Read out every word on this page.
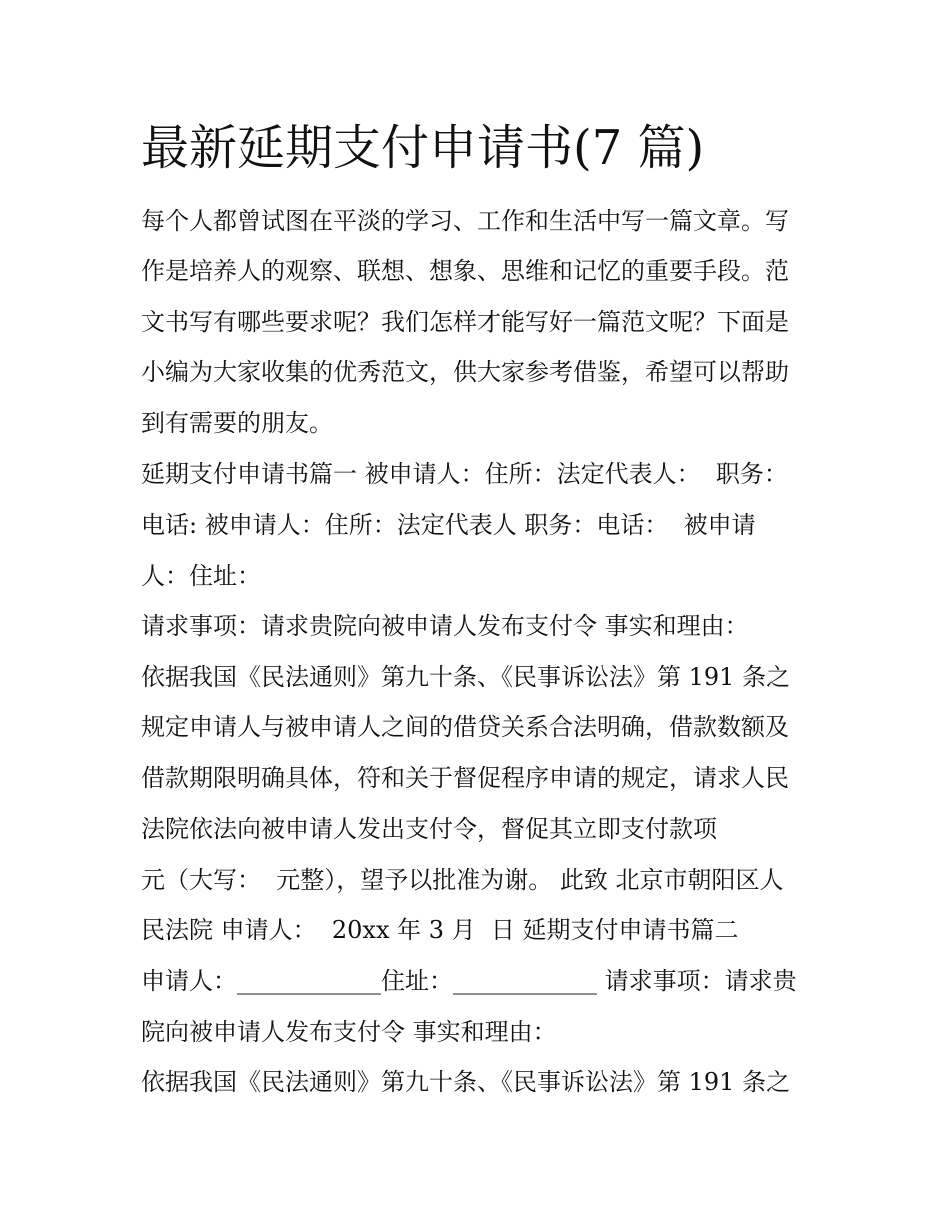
最新延期支付申请书(7 篇)
每个人都曾试图在平淡的学习、工作和生活中写一篇文章。写
作是培养人的观察、联想、想象、思维和记忆的重要手段。范
文书写有哪些要求呢？我们怎样才能写好一篇范文呢？下面是
小编为大家收集的优秀范文，供大家参考借鉴，希望可以帮助
到有需要的朋友。
延期支付申请书篇一 被申请人：住所：法定代表人：  职务：
电话: 被申请人：住所：法定代表人 职务：电话：  被申请
人：住址：
请求事项：请求贵院向被申请人发布支付令 事实和理由：
依据我国《民法通则》第九十条、《民事诉讼法》第 191 条之
规定申请人与被申请人之间的借贷关系合法明确，借款数额及
借款期限明确具体，符和关于督促程序申请的规定，请求人民
法院依法向被申请人发出支付令，督促其立即支付款项
元（大写：  元整），望予以批准为谢。 此致 北京市朝阳区人
民法院 申请人：  20xx 年 3 月  日 延期支付申请书篇二
申请人：____________住址：____________ 请求事项：请求贵
院向被申请人发布支付令 事实和理由：
依据我国《民法通则》第九十条、《民事诉讼法》第 191 条之
